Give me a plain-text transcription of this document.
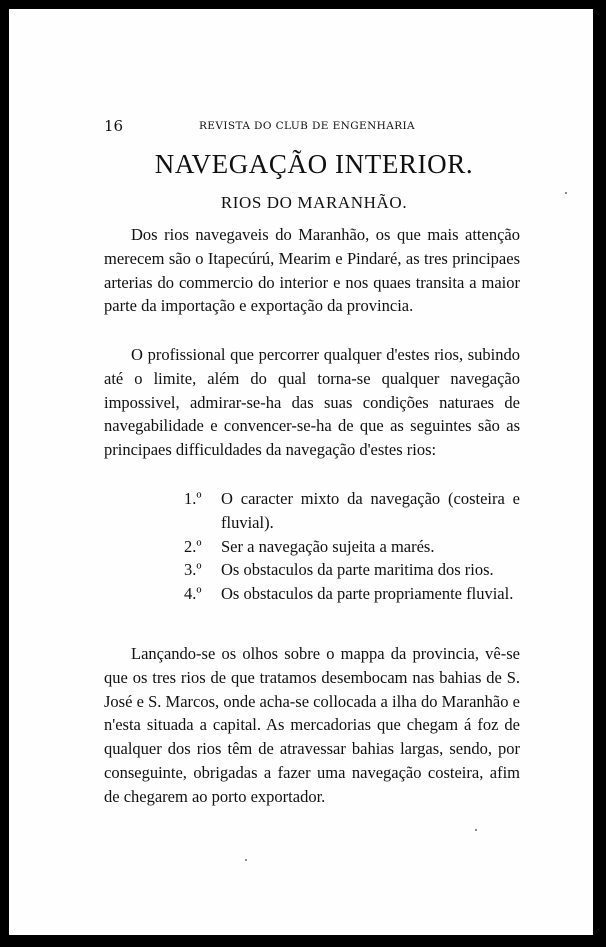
16	REVISTA DO CLUB DE ENGENHARIA
NAVEGAÇÃO INTERIOR.
RIOS DO MARANHÃO.

Dos rios navegaveis do Maranhão, os que mais attenção merecem são o Itapecúrú, Mearim e Pindaré, as tres principaes arterias do commercio do interior e nos quaes transita a maior parte da importação e exportação da provincia.

O profissional que percorrer qualquer d'estes rios, subindo até o limite, além do qual torna-se qualquer navegação impossivel, admirar-se-ha das suas condições naturaes de navegabilidade e convencer-se-ha de que as seguintes são as principaes difficuldades da navegação d'estes rios:

1.º	O caracter mixto da navegação (costeira e fluvial).
2.º	Ser a navegação sujeita a marés.
3.º	Os obstaculos da parte maritima dos rios.
4.º	Os obstaculos da parte propriamente fluvial.

Lançando-se os olhos sobre o mappa da provincia, vê-se que os tres rios de que tratamos desembocam nas bahias de S. José e S. Marcos, onde acha-se collocada a ilha do Maranhão e n'esta situada a capital. As mercadorias que chegam á foz de qualquer dos rios têm de atravessar bahias largas, sendo, por conseguinte, obrigadas a fazer uma navegação costeira, afim de chegarem ao porto exportador.
